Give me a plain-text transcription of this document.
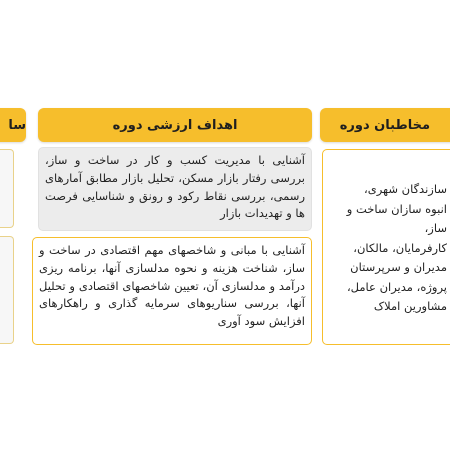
سا	اهداف ارزشی دوره
آشنایی با مدیریت کسب و کار در ساخت و ساز، بررسی رفتار بازار مسکن، تحلیل بازار مطابق آمارهای رسمی، بررسی نقاط رکود و رونق و شناسایی فرصت ها و تهدیدات بازار
آشنایی با مبانی و شاخصهای مهم اقتصادی در ساخت و ساز، شناخت هزینه و نحوه مدلسازی آنها، برنامه ریزی درآمد و مدلسازی آن، تعیین شاخصهای اقتصادی و تحلیل آنها، بررسی سناریوهای سرمایه گذاری و راهکارهای افزایش سود آوری
مخاطبان دوره
سازندگان شهری،
انبوه سازان ساخت و ساز،
کارفرمایان، مالکان،
مدیران و سرپرستان
پروژه، مدیران عامل،
مشاورین املاک
